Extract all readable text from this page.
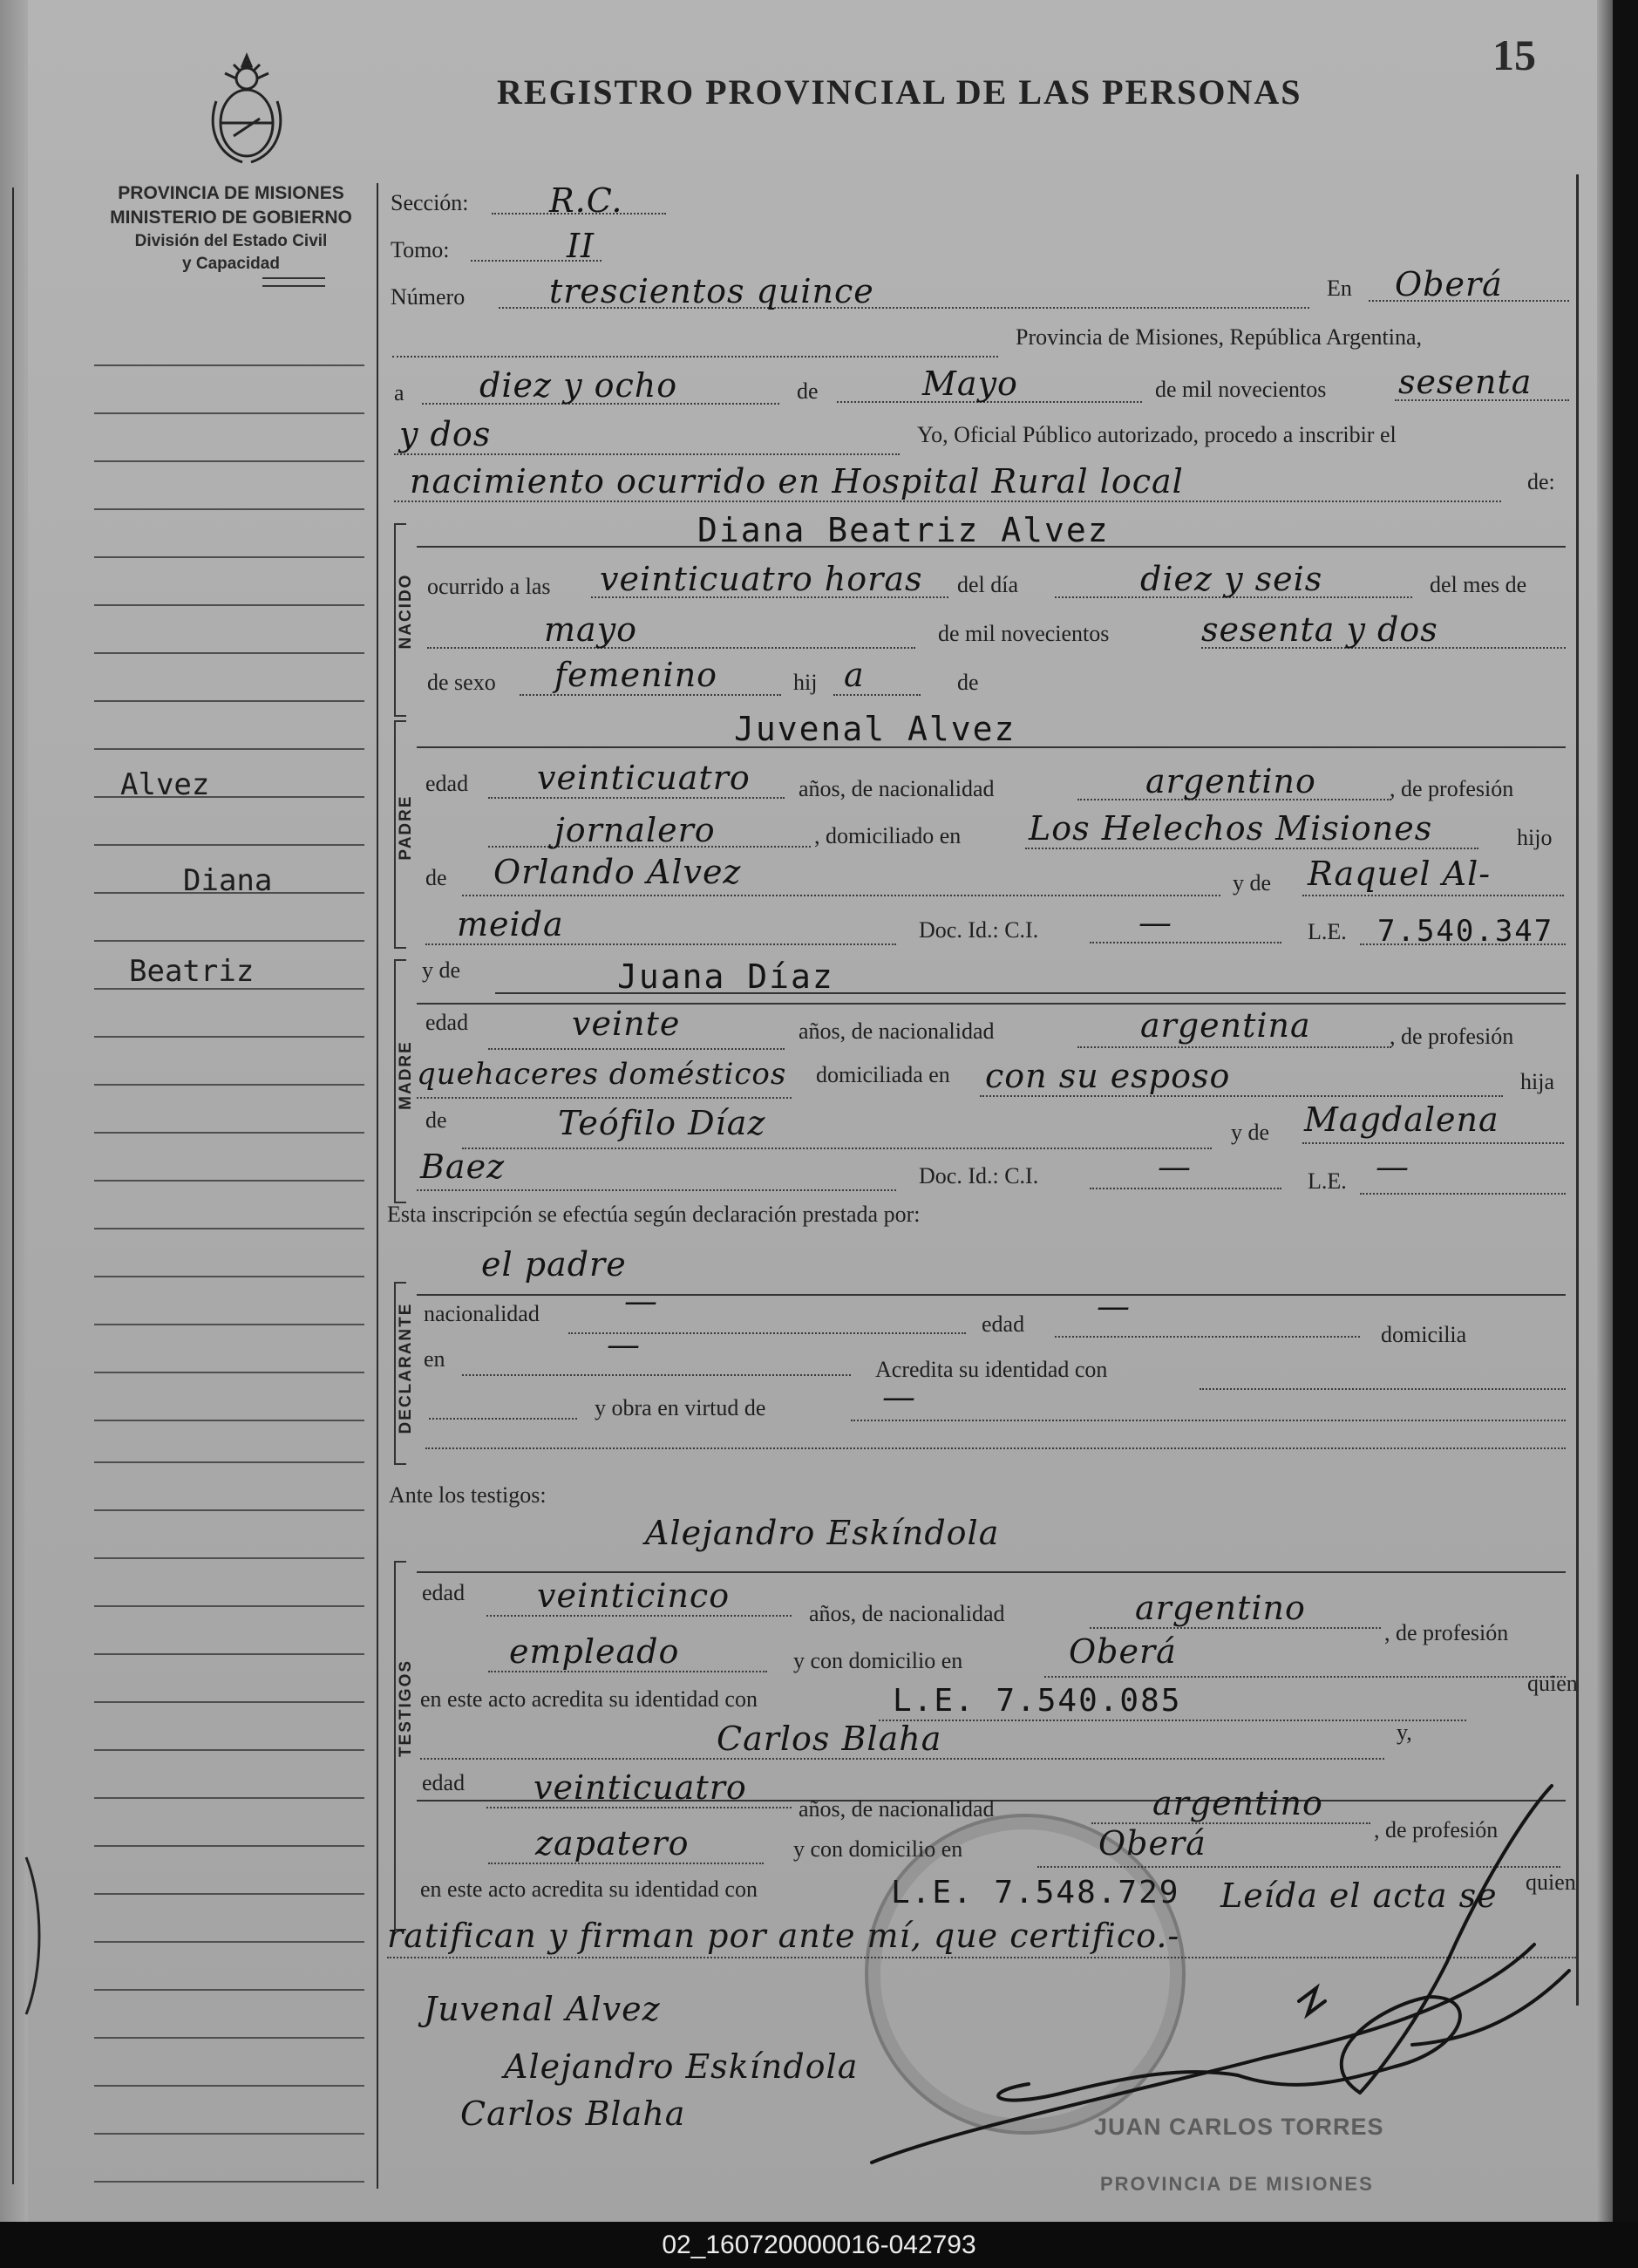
15
REGISTRO PROVINCIAL DE LAS PERSONAS
PROVINCIA DE MISIONES
MINISTERIO DE GOBIERNO
División del Estado Civil
y Capacidad
Alvez
Diana
Beatriz
Sección: R.C.
Tomo:	II
Número	trescientos quince	En Oberá
Provincia de Misiones, República Argentina,
a diez y ocho	de	Mayo	de mil novecientos sesenta
y dos	Yo, Oficial Público autorizado, procedo a inscribir el
nacimiento ocurrido en Hospital Rural local	de:
NACIDO
Diana Beatriz Alvez
ocurrido a las veinticuatro horas del día	diez y seis	del mes de
mayo	de mil novecientos	sesenta y dos
de sexo femenino	hij a	de
PADRE
Juvenal Alvez
edad veinticuatro años, de nacionalidad	argentino	, de profesión
jornalero	, domiciliado en Los Helechos Misiones	hijo
de Orlando Alvez	y de Raquel Al-
meida	Doc. Id.: C.I.	—	L.E. 7.540.347
MADRE
y de	Juana Díaz
edad	veinte	años, de nacionalidad	argentina	, de profesión
quehaceres domésticos domiciliada en con su esposo	hija
de	Teófilo Díaz	y de Magdalena
Baez	Doc. Id.: C.I.	—	L.E. —
Esta inscripción se efectúa según declaración prestada por:
DECLARANTE
el padre
nacionalidad	—
edad —
domicilia
en	—
Acredita su identidad con
y obra en virtud de	—
Ante los testigos:
TESTIGOS
Alejandro Eskíndola
edad veinticinco	años, de nacionalidad	argentino
, de profesión
empleado	y con domicilio en	Oberá
en este acto acredita su identidad con	L.E. 7.540.085	quien
Carlos Blaha	y,
edad veinticuatro
años, de nacionalidad	argentino
, de profesión
zapatero	y con domicilio en	Oberá
en este acto acredita su identidad con	L.E. 7.548.729	quien
Leída el acta se
ratifican y firman por ante mí, que certifico.-
JUAN CARLOS TORRES
PROVINCIA DE MISIONES
Juvenal Alvez
Alejandro Eskíndola
Carlos Blaha
02_160720000016-042793
